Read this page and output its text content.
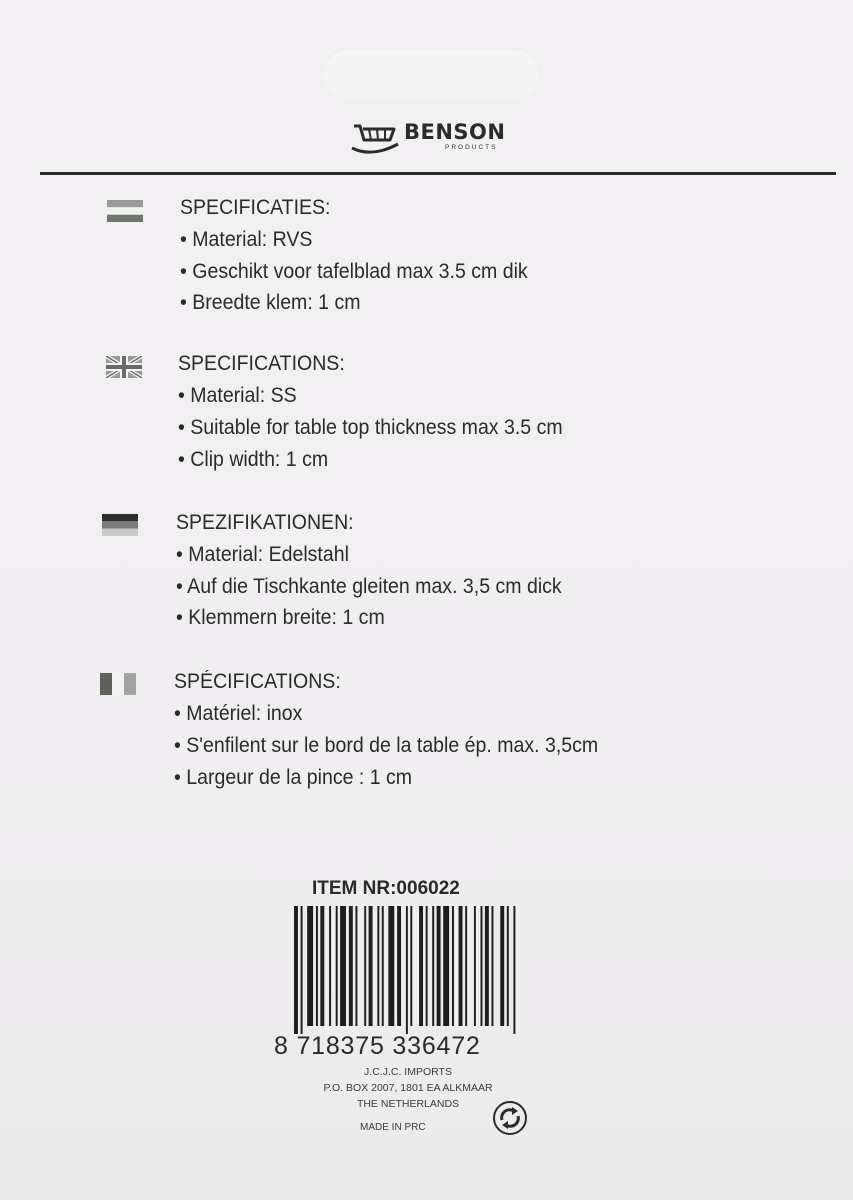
BENSON
PRODUCTS
SPECIFICATIES:
• Material: RVS
• Geschikt voor tafelblad max 3.5 cm dik
• Breedte klem: 1 cm
SPECIFICATIONS:
• Material: SS
• Suitable for table top thickness max 3.5 cm
• Clip width: 1 cm
SPEZIFIKATIONEN:
• Material: Edelstahl
• Auf die Tischkante gleiten max. 3,5 cm dick
• Klemmern breite: 1 cm
SPÉCIFICATIONS:
• Matériel: inox
• S'enfilent sur le bord de la table ép. max. 3,5cm
• Largeur de la pince : 1 cm
ITEM NR:006022
8 718375 336472
J.C.J.C. IMPORTS
P.O. BOX 2007, 1801 EA ALKMAAR
THE NETHERLANDS
MADE IN PRC
